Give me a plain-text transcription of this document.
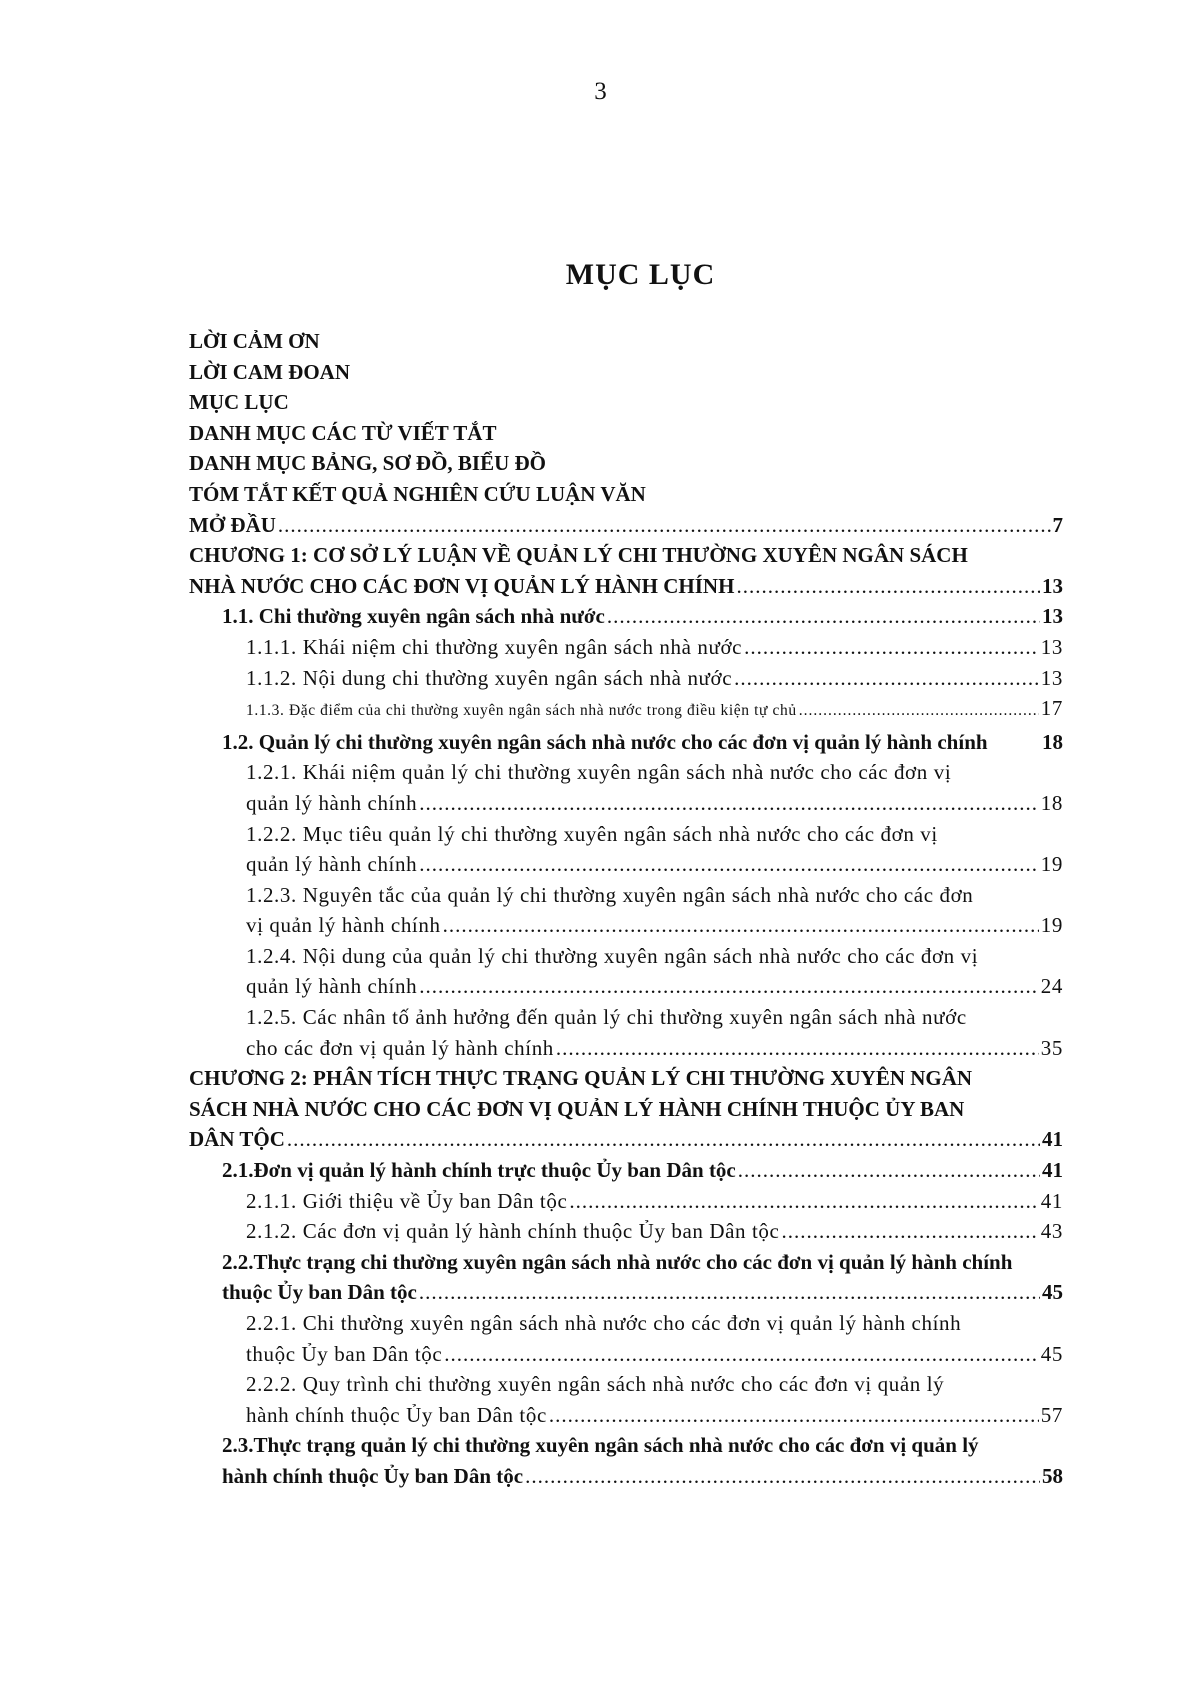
3
MỤC LỤC
LỜI CẢM ƠN
LỜI CAM ĐOAN
MỤC LỤC
DANH MỤC CÁC TỪ VIẾT TẮT
DANH MỤC BẢNG, SƠ ĐỒ, BIỂU ĐỒ
TÓM TẮT KẾT QUẢ NGHIÊN CỨU LUẬN VĂN
MỞ ĐẦU .....	7
CHƯƠNG 1: CƠ SỞ LÝ LUẬN VỀ QUẢN LÝ CHI THƯỜNG XUYÊN NGÂN SÁCH
NHÀ NƯỚC CHO CÁC ĐƠN VỊ QUẢN LÝ HÀNH CHÍNH .....	13
1.1. Chi thường xuyên ngân sách nhà nước .....	13
1.1.1. Khái niệm chi thường xuyên ngân sách nhà nước .....	13
1.1.2. Nội dung chi thường xuyên ngân sách nhà nước .....	13
1.1.3. Đặc điểm của chi thường xuyên ngân sách nhà nước trong điều kiện tự chủ .....	17
1.2. Quản lý chi thường xuyên ngân sách nhà nước cho các đơn vị quản lý hành chính	18
1.2.1. Khái niệm quản lý chi thường xuyên ngân sách nhà nước cho các đơn vị
quản lý hành chính .....	18
1.2.2. Mục tiêu quản lý chi thường xuyên ngân sách nhà nước cho các đơn vị
quản lý hành chính .....	19
1.2.3. Nguyên tắc của quản lý chi thường xuyên ngân sách nhà nước cho các đơn
vị quản lý hành chính .....	19
1.2.4. Nội dung của quản lý chi thường xuyên ngân sách nhà nước cho các đơn vị
quản lý hành chính .....	24
1.2.5. Các nhân tố ảnh hưởng đến quản lý chi thường xuyên ngân sách nhà nước
cho các đơn vị quản lý hành chính .....	35
CHƯƠNG 2: PHÂN TÍCH THỰC TRẠNG QUẢN LÝ CHI THƯỜNG XUYÊN NGÂN
SÁCH NHÀ NƯỚC CHO CÁC ĐƠN VỊ QUẢN LÝ HÀNH CHÍNH THUỘC ỦY BAN
DÂN TỘC .....	41
2.1.Đơn vị quản lý hành chính trực thuộc Ủy ban Dân tộc .....	41
2.1.1. Giới thiệu về Ủy ban Dân tộc .....	41
2.1.2. Các đơn vị quản lý hành chính thuộc Ủy ban Dân tộc .....	43
2.2.Thực trạng chi thường xuyên ngân sách nhà nước cho các đơn vị quản lý hành chính
thuộc Ủy ban Dân tộc .....	45
2.2.1. Chi thường xuyên ngân sách nhà nước cho các đơn vị quản lý hành chính
thuộc Ủy ban Dân tộc .....	45
2.2.2. Quy trình chi thường xuyên ngân sách nhà nước cho các đơn vị quản lý
hành chính thuộc Ủy ban Dân tộc .....	57
2.3.Thực trạng quản lý chi thường xuyên ngân sách nhà nước cho các đơn vị quản lý
hành chính thuộc Ủy ban Dân tộc .....	58
